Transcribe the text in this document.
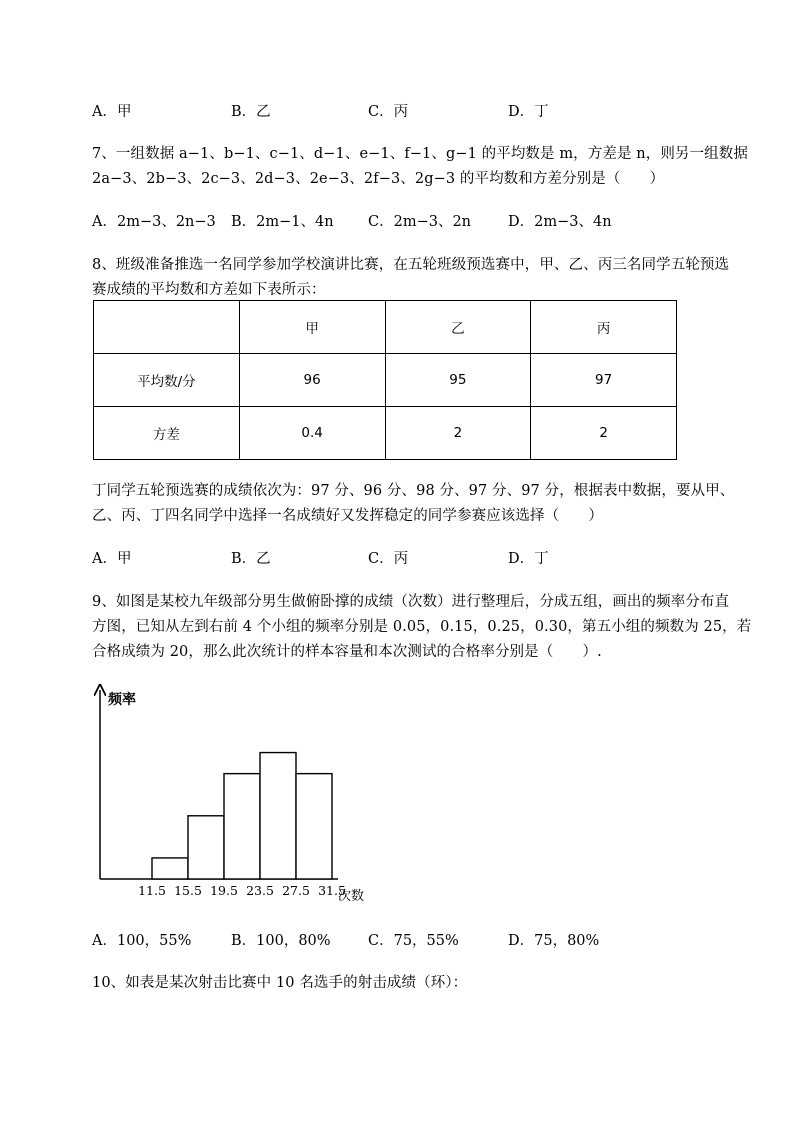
A．甲	B．乙	C．丙	D．丁
7、一组数据 a−1、b−1、c−1、d−1、e−1、f−1、g−1 的平均数是 m，方差是 n，则另一组数据
2a−3、2b−3、2c−3、2d−3、2e−3、2f−3、2g−3 的平均数和方差分别是（　　）
A．2m−3、2n−3 B．2m−1、4n C．2m−3、2n	D．2m−3、4n
8、班级准备推选一名同学参加学校演讲比赛，在五轮班级预选赛中，甲、乙、丙三名同学五轮预选
赛成绩的平均数和方差如下表所示：
	甲	乙	丙
平均数/分	96	95	97
方差	0.4	2	2
丁同学五轮预选赛的成绩依次为：97 分、96 分、98 分、97 分、97 分，根据表中数据，要从甲、
乙、丙、丁四名同学中选择一名成绩好又发挥稳定的同学参赛应该选择（　　）
A．甲	B．乙	C．丙	D．丁
9、如图是某校九年级部分男生做俯卧撑的成绩（次数）进行整理后，分成五组，画出的频率分布直
方图，已知从左到右前 4 个小组的频率分别是 0.05，0.15，0.25，0.30，第五小组的频数为 25，若
合格成绩为 20，那么此次统计的样本容量和本次测试的合格率分别是（　　）.
频率
次数
11.5 15.5 19.5 23.5 27.5 31.5
A．100，55%	B．100，80%	C．75，55%	D．75，80%
10、如表是某次射击比赛中 10 名选手的射击成绩（环）：
